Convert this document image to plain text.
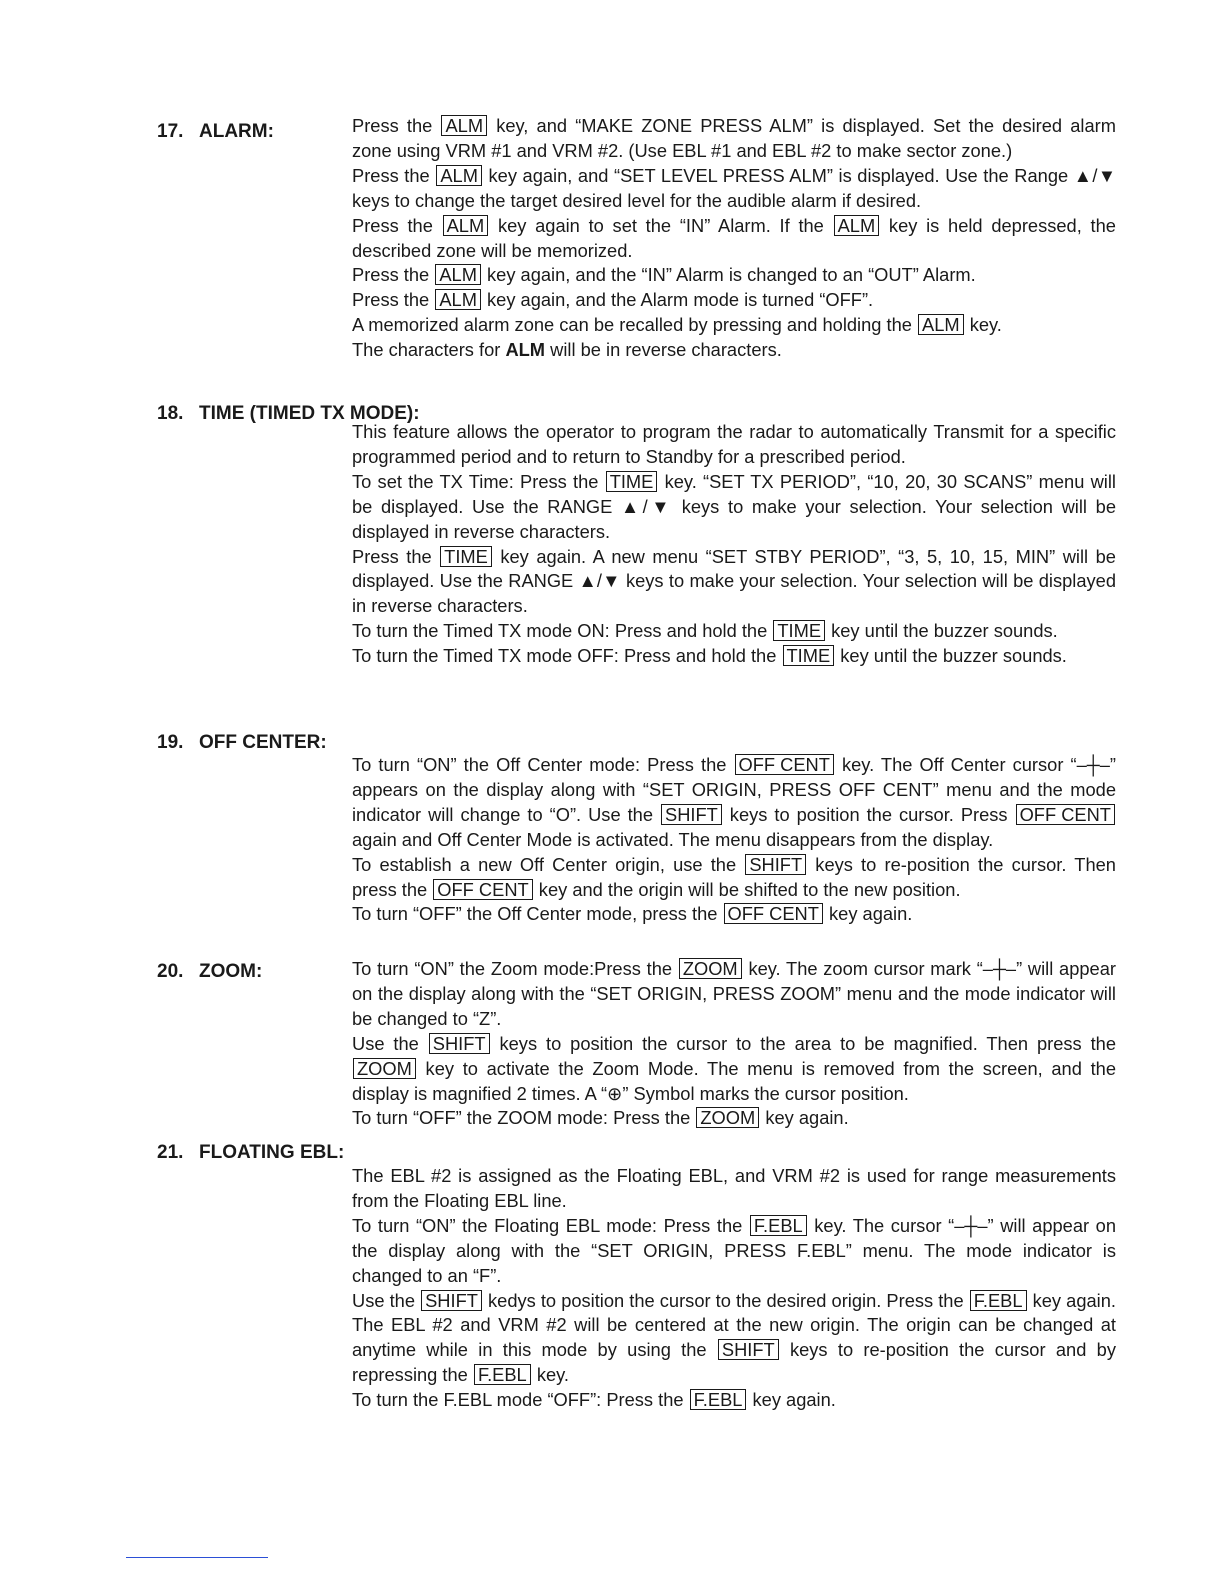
17. ALARM:	Press the ALM key, and “MAKE ZONE PRESS ALM” is displayed. Set the desired alarm zone using VRM #1 and VRM #2. (Use EBL #1 and EBL #2 to make sector zone.)

Press the ALM key again, and “SET LEVEL PRESS ALM” is displayed. Use the Range ▲/▼ keys to change the target desired level for the audible alarm if desired.

Press the ALM key again to set the “IN” Alarm. If the ALM key is held depressed, the described zone will be memorized.

Press the ALM key again, and the “IN” Alarm is changed to an “OUT” Alarm.

Press the ALM key again, and the Alarm mode is turned “OFF”.

A memorized alarm zone can be recalled by pressing and holding the ALM key.

The characters for ALM will be in reverse characters.

18. TIME (TIMED TX MODE):

This feature allows the operator to program the radar to automatically Transmit for a specific programmed period and to return to Standby for a prescribed period.

To set the TX Time: Press the TIME key. “SET TX PERIOD”, “10, 20, 30 SCANS” menu will be displayed. Use the RANGE ▲/▼ keys to make your selection. Your selection will be displayed in reverse characters.

Press the TIME key again. A new menu “SET STBY PERIOD”, “3, 5, 10, 15, MIN” will be displayed. Use the RANGE ▲/▼ keys to make your selection. Your selection will be displayed in reverse characters.

To turn the Timed TX mode ON: Press and hold the TIME key until the buzzer sounds.

To turn the Timed TX mode OFF: Press and hold the TIME key until the buzzer sounds.

19. OFF CENTER:

To turn “ON” the Off Center mode: Press the OFF CENT key. The Off Center cursor “–┼–” appears on the display along with “SET ORIGIN, PRESS OFF CENT” menu and the mode indicator will change to “O”. Use the SHIFT keys to position the cursor. Press OFF CENT again and Off Center Mode is activated. The menu disappears from the display.

To establish a new Off Center origin, use the SHIFT keys to re-position the cursor. Then press the OFF CENT key and the origin will be shifted to the new position.

To turn “OFF” the Off Center mode, press the OFF CENT key again.

20. ZOOM:	To turn “ON” the Zoom mode:Press the ZOOM key. The zoom cursor mark “–┼–” will appear on the display along with the “SET ORIGIN, PRESS ZOOM” menu and the mode indicator will be changed to “Z”.

Use the SHIFT keys to position the cursor to the area to be magnified. Then press the ZOOM key to activate the Zoom Mode. The menu is removed from the screen, and the display is magnified 2 times. A “⊕” Symbol marks the cursor position.

To turn “OFF” the ZOOM mode: Press the ZOOM key again.

21. FLOATING EBL:

The EBL #2 is assigned as the Floating EBL, and VRM #2 is used for range measurements from the Floating EBL line.

To turn “ON” the Floating EBL mode: Press the F.EBL key. The cursor “–┼–” will appear on the display along with the “SET ORIGIN, PRESS F.EBL” menu. The mode indicator is changed to an “F”.

Use the SHIFT kedys to position the cursor to the desired origin. Press the F.EBL key again. The EBL #2 and VRM #2 will be centered at the new origin. The origin can be changed at anytime while in this mode by using the SHIFT keys to re-position the cursor and by repressing the F.EBL key.

To turn the F.EBL mode “OFF”: Press the F.EBL key again.
